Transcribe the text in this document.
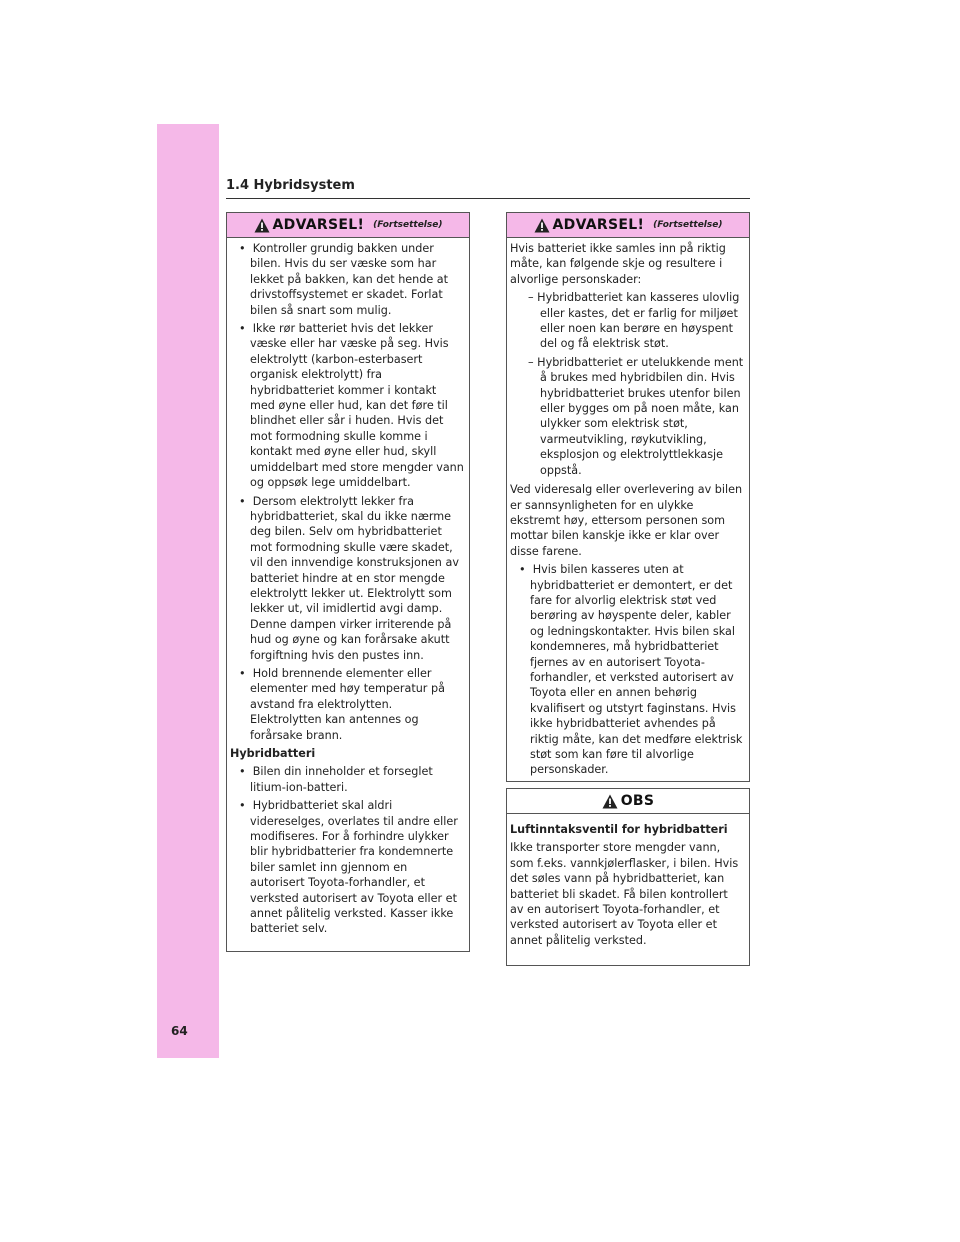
64
1.4 Hybridsystem
ADVARSEL! (Fortsettelse)
•  Kontroller grundig bakken under bilen. Hvis du ser væske som har lekket på bakken, kan det hende at drivstoffsystemet er skadet. Forlat bilen så snart som mulig.
•  Ikke rør batteriet hvis det lekker væske eller har væske på seg. Hvis elektrolytt (karbon-esterbasert organisk elektrolytt) fra hybridbatteriet kommer i kontakt med øyne eller hud, kan det føre til blindhet eller sår i huden. Hvis det mot formodning skulle komme i kontakt med øyne eller hud, skyll umiddelbart med store mengder vann og oppsøk lege umiddelbart.
•  Dersom elektrolytt lekker fra hybridbatteriet, skal du ikke nærme deg bilen. Selv om hybridbatteriet mot formodning skulle være skadet, vil den innvendige konstruksjonen av batteriet hindre at en stor mengde elektrolytt lekker ut. Elektrolytt som lekker ut, vil imidlertid avgi damp. Denne dampen virker irriterende på hud og øyne og kan forårsake akutt forgiftning hvis den pustes inn.
•  Hold brennende elementer eller elementer med høy temperatur på avstand fra elektrolytten. Elektrolytten kan antennes og forårsake brann.
Hybridbatteri
•  Bilen din inneholder et forseglet litium-ion-batteri.
•  Hybridbatteriet skal aldri videreselges, overlates til andre eller modifiseres. For å forhindre ulykker blir hybridbatterier fra kondemnerte biler samlet inn gjennom en autorisert Toyota-forhandler, et verksted autorisert av Toyota eller et annet pålitelig verksted. Kasser ikke batteriet selv.
ADVARSEL! (Fortsettelse)
Hvis batteriet ikke samles inn på riktig måte, kan følgende skje og resultere i alvorlige personskader:
– Hybridbatteriet kan kasseres ulovlig eller kastes, det er farlig for miljøet eller noen kan berøre en høyspent del og få elektrisk støt.
– Hybridbatteriet er utelukkende ment å brukes med hybridbilen din. Hvis hybridbatteriet brukes utenfor bilen eller bygges om på noen måte, kan ulykker som elektrisk støt, varmeutvikling, røykutvikling, eksplosjon og elektrolyttlekkasje oppstå.
Ved videresalg eller overlevering av bilen er sannsynligheten for en ulykke ekstremt høy, ettersom personen som mottar bilen kanskje ikke er klar over disse farene.
•  Hvis bilen kasseres uten at hybridbatteriet er demontert, er det fare for alvorlig elektrisk støt ved berøring av høyspente deler, kabler og ledningskontakter. Hvis bilen skal kondemneres, må hybridbatteriet fjernes av en autorisert Toyota-forhandler, et verksted autorisert av Toyota eller en annen behørig kvalifisert og utstyrt faginstans. Hvis ikke hybridbatteriet avhendes på riktig måte, kan det medføre elektrisk støt som kan føre til alvorlige personskader.
OBS
Luftinntaksventil for hybridbatteri
Ikke transporter store mengder vann, som f.eks. vannkjølerflasker, i bilen. Hvis det søles vann på hybridbatteriet, kan batteriet bli skadet. Få bilen kontrollert av en autorisert Toyota-forhandler, et verksted autorisert av Toyota eller et annet pålitelig verksted.
